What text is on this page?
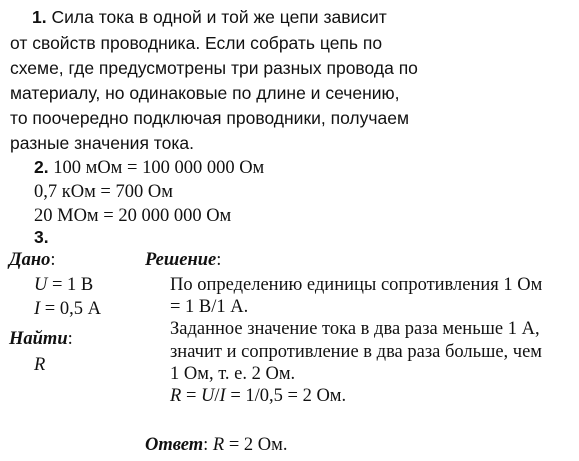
1. Сила тока в одной и той же цепи зависит
от свойств проводника. Если собрать цепь по
схеме, где предусмотрены три разных провода по
материалу, но одинаковые по длине и сечению,
то поочередно подключая проводники, получаем
разные значения тока.
2. 100 мОм = 100 000 000 Ом
0,7 кОм = 700 Ом
20 МОм = 20 000 000 Ом
3.
Дано:
U = 1 В
I = 0,5 А
Найти:
R
Решение:
По определению единицы сопротивления 1 Ом
= 1 В/1 А.
Заданное значение тока в два раза меньше 1 А,
значит и сопротивление в два раза больше, чем
1 Ом, т. е. 2 Ом.
R = U/I = 1/0,5 = 2 Ом.
Ответ: R = 2 Ом.
